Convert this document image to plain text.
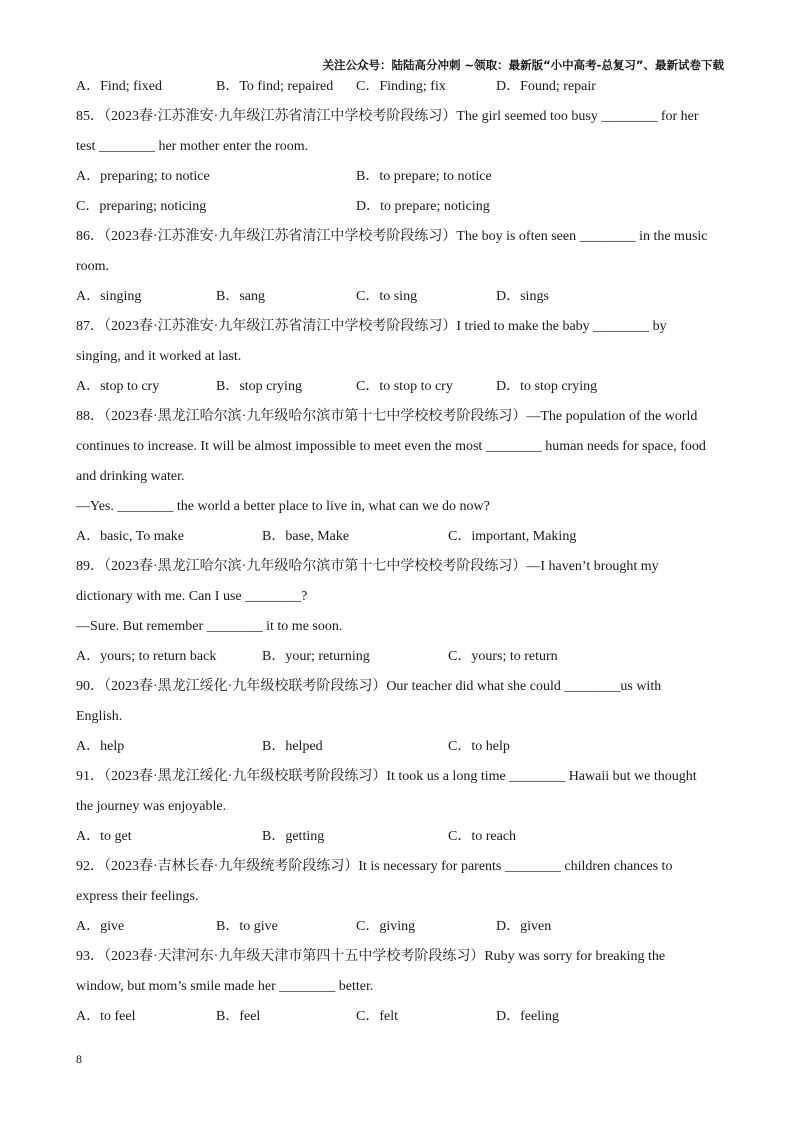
关注公众号：陆陆高分冲刺 ~领取：最新版“小中高考-总复习”、最新试卷下载
A．Find; fixed	B．To find; repaired C．Finding; fix	D．Found; repair
85．（2023春·江苏淮安·九年级江苏省清江中学校考阶段练习）The girl seemed too busy ________ for her
test ________ her mother enter the room.
A．preparing; to notice	B．to prepare; to notice
C．preparing; noticing	D．to prepare; noticing
86．（2023春·江苏淮安·九年级江苏省清江中学校考阶段练习）The boy is often seen ________ in the music
room.
A．singing	B．sang	C．to sing	D．sings
87．（2023春·江苏淮安·九年级江苏省清江中学校考阶段练习）I tried to make the baby ________ by
singing, and it worked at last.
A．stop to cry	B．stop crying	C．to stop to cry	D．to stop crying
88．（2023春·黑龙江哈尔滨·九年级哈尔滨市第十七中学校校考阶段练习）—The population of the world
continues to increase. It will be almost impossible to meet even the most ________ human needs for space, food
and drinking water.
—Yes. ________ the world a better place to live in, what can we do now?
A．basic, To make	B．base, Make	C．important, Making
89．（2023春·黑龙江哈尔滨·九年级哈尔滨市第十七中学校校考阶段练习）—I haven’t brought my
dictionary with me. Can I use ________?
—Sure. But remember ________ it to me soon.
A．yours; to return back	B．your; returning	C．yours; to return
90．（2023春·黑龙江绥化·九年级校联考阶段练习）Our teacher did what she could ________us with
English.
A．help	B．helped	C．to help
91．（2023春·黑龙江绥化·九年级校联考阶段练习）It took us a long time ________ Hawaii but we thought
the journey was enjoyable.
A．to get	B．getting	C．to reach
92．（2023春·吉林长春·九年级统考阶段练习）It is necessary for parents ________ children chances to
express their feelings.
A．give	B．to give	C．giving	D．given
93．（2023春·天津河东·九年级天津市第四十五中学校考阶段练习）Ruby was sorry for breaking the
window, but mom’s smile made her ________ better.
A．to feel	B．feel	C．felt	D．feeling
8
